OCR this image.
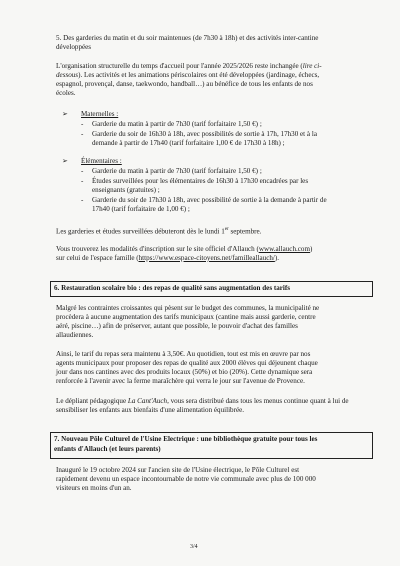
5. Des garderies du matin et du soir maintenues (de 7h30 à 18h) et des activités inter-cantine

développées

L'organisation structurelle du temps d'accueil pour l'année 2025/2026 reste inchangée (lire ci-

dessous). Les activités et les animations périscolaires ont été développées (jardinage, échecs,

espagnol, provençal, danse, taekwondo, handball…) au bénéfice de tous les enfants de nos

écoles.

➢ Maternelles :
- Garderie du matin à partir de 7h30 (tarif forfaitaire 1,50 €) ;
- Garderie du soir de 16h30 à 18h, avec possibilités de sortie à 17h, 17h30 et à la
demande à partir de 17h40 (tarif forfaitaire 1,00 € de 17h30 à 18h) ;
➢ Élémentaires :
- Garderie du matin à partir de 7h30 (tarif forfaitaire 1,50 €) ;
- Études surveillées pour les élémentaires de 16h30 à 17h30 encadrées par les
enseignants (gratuites) ;
- Garderie du soir de 17h30 à 18h, avec possibilité de sortie à la demande à partir de
17h40 (tarif forfaitaire de 1,00 €) ;

Les garderies et études surveillées débuteront dès le lundi 1er septembre.

Vous trouverez les modalités d'inscription sur le site officiel d'Allauch (www.allauch.com)

sur celui de l'espace famille (https://www.espace-citoyens.net/familleallauch/).

6. Restauration scolaire bio : des repas de qualité sans augmentation des tarifs

Malgré les contraintes croissantes qui pèsent sur le budget des communes, la municipalité ne

procèdera à aucune augmentation des tarifs municipaux (cantine mais aussi garderie, centre

aéré, piscine…) afin de préserver, autant que possible, le pouvoir d'achat des familles

allaudiennes.

Ainsi, le tarif du repas sera maintenu à 3,50€. Au quotidien, tout est mis en œuvre par nos

agents municipaux pour proposer des repas de qualité aux 2000 élèves qui déjeunent chaque

jour dans nos cantines avec des produits locaux (50%) et bio (20%). Cette dynamique sera

renforcée à l'avenir avec la ferme maraîchère qui verra le jour sur l'avenue de Provence.

Le dépliant pédagogique La Cant'Auch, vous sera distribué dans tous les menus continue quant à lui de

sensibiliser les enfants aux bienfaits d'une alimentation équilibrée.

7. Nouveau Pôle Culturel de l'Usine Electrique : une bibliothèque gratuite pour tous les

enfants d'Allauch (et leurs parents)

Inauguré le 19 octobre 2024 sur l'ancien site de l'Usine électrique, le Pôle Culturel est

rapidement devenu un espace incontournable de notre vie communale avec plus de 100 000

visiteurs en moins d'un an.

3/4
